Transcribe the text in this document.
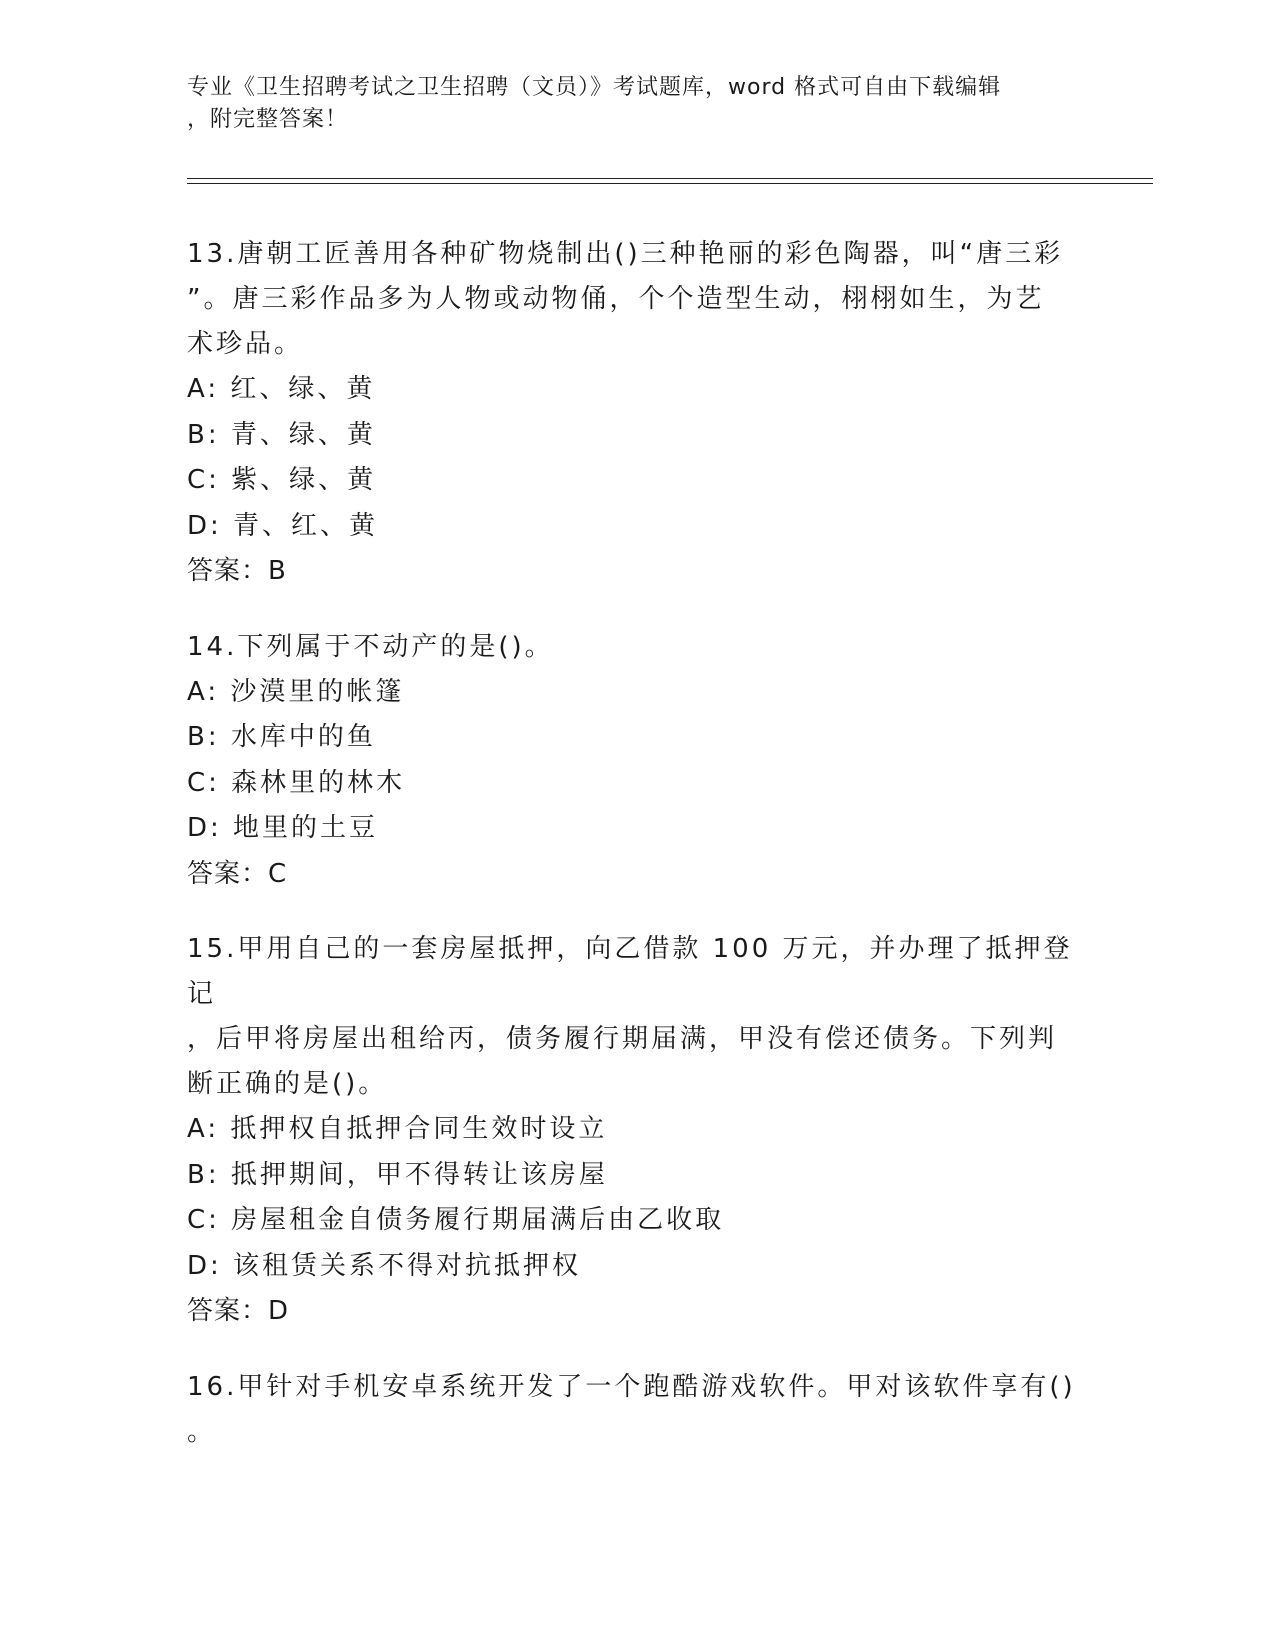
专业《卫生招聘考试之卫生招聘（文员）》考试题库，word 格式可自由下载编辑
，附完整答案！
13.唐朝工匠善用各种矿物烧制出()三种艳丽的彩色陶器，叫“唐三彩
”。唐三彩作品多为人物或动物俑，个个造型生动，栩栩如生，为艺
术珍品。
A: 红、绿、黄
B: 青、绿、黄
C: 紫、绿、黄
D: 青、红、黄
答案：B
14.下列属于不动产的是()。
A: 沙漠里的帐篷
B: 水库中的鱼
C: 森林里的林木
D: 地里的土豆
答案：C
15.甲用自己的一套房屋抵押，向乙借款 100 万元，并办理了抵押登记
，后甲将房屋出租给丙，债务履行期届满，甲没有偿还债务。下列判
断正确的是()。
A: 抵押权自抵押合同生效时设立
B: 抵押期间，甲不得转让该房屋
C: 房屋租金自债务履行期届满后由乙收取
D: 该租赁关系不得对抗抵押权
答案：D
16.甲针对手机安卓系统开发了一个跑酷游戏软件。甲对该软件享有()
。
